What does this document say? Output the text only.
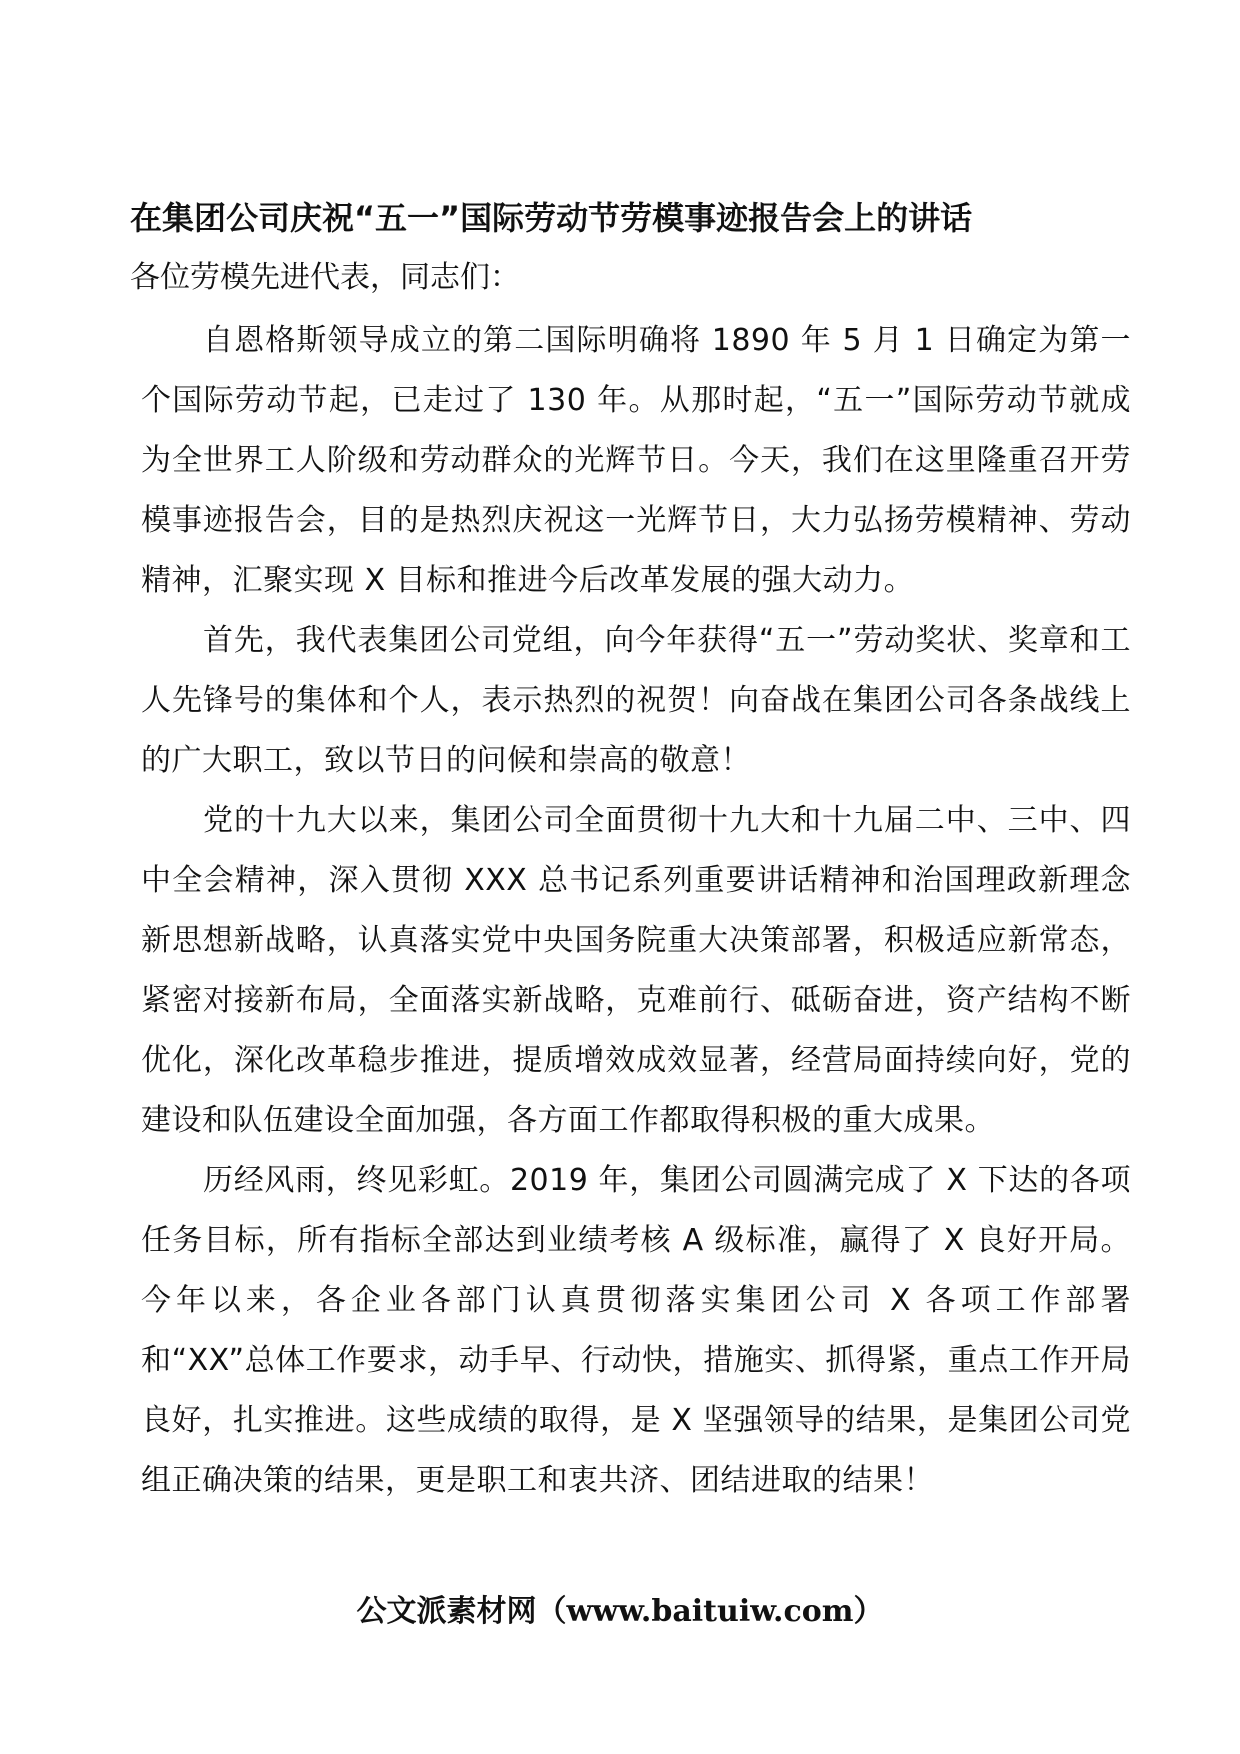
在集团公司庆祝“五一”国际劳动节劳模事迹报告会上的讲话
各位劳模先进代表，同志们：

自恩格斯领导成立的第二国际明确将 1890 年 5 月 1 日确定为第一个国际劳动节起，已走过了 130 年。从那时起，“五一”国际劳动节就成为全世界工人阶级和劳动群众的光辉节日。今天，我们在这里隆重召开劳模事迹报告会，目的是热烈庆祝这一光辉节日，大力弘扬劳模精神、劳动精神，汇聚实现 X 目标和推进今后改革发展的强大动力。

首先，我代表集团公司党组，向今年获得“五一”劳动奖状、奖章和工人先锋号的集体和个人，表示热烈的祝贺！向奋战在集团公司各条战线上的广大职工，致以节日的问候和崇高的敬意！

党的十九大以来，集团公司全面贯彻十九大和十九届二中、三中、四中全会精神，深入贯彻 XXX 总书记系列重要讲话精神和治国理政新理念新思想新战略，认真落实党中央国务院重大决策部署，积极适应新常态，紧密对接新布局，全面落实新战略，克难前行、砥砺奋进，资产结构不断优化，深化改革稳步推进，提质增效成效显著，经营局面持续向好，党的建设和队伍建设全面加强，各方面工作都取得积极的重大成果。

历经风雨，终见彩虹。2019 年，集团公司圆满完成了 X 下达的各项任务目标，所有指标全部达到业绩考核 A 级标准，赢得了 X 良好开局。今年以来，各企业各部门认真贯彻落实集团公司 X 各项工作部署和“XX”总体工作要求，动手早、行动快，措施实、抓得紧，重点工作开局良好，扎实推进。这些成绩的取得，是 X 坚强领导的结果，是集团公司党组正确决策的结果，更是职工和衷共济、团结进取的结果！

公文派素材网（www.baituiw.com）
